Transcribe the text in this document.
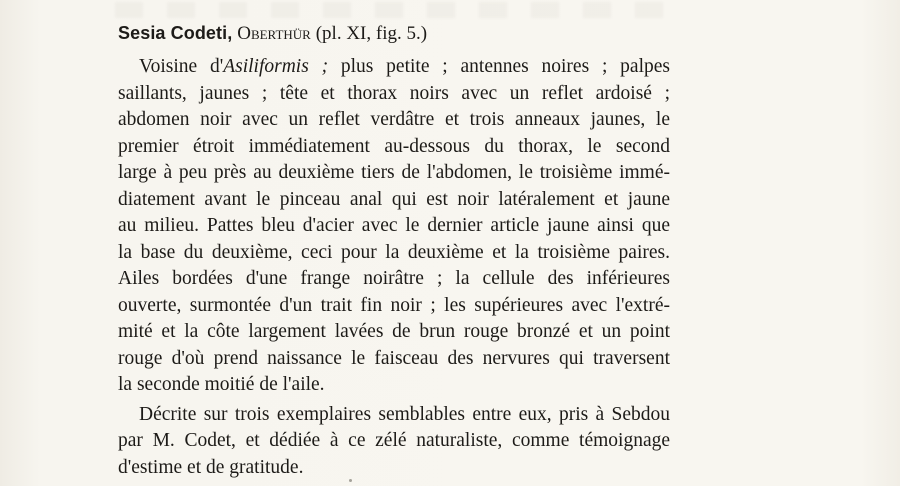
Sesia Codeti, Oberthür (pl. XI, fig. 5.)

Voisine d'Asiliformis ; plus petite ; antennes noires ; palpes
saillants, jaunes ; tête et thorax noirs avec un reflet ardoisé ;
abdomen noir avec un reflet verdâtre et trois anneaux jaunes, le
premier étroit immédiatement au-dessous du thorax, le second
large à peu près au deuxième tiers de l'abdomen, le troisième immé-
diatement avant le pinceau anal qui est noir latéralement et jaune
au milieu. Pattes bleu d'acier avec le dernier article jaune ainsi que
la base du deuxième, ceci pour la deuxième et la troisième paires.
Ailes bordées d'une frange noirâtre ; la cellule des inférieures
ouverte, surmontée d'un trait fin noir ; les supérieures avec l'extré-
mité et la côte largement lavées de brun rouge bronzé et un point
rouge d'où prend naissance le faisceau des nervures qui traversent
la seconde moitié de l'aile.
Décrite sur trois exemplaires semblables entre eux, pris à Sebdou
par M. Codet, et dédiée à ce zélé naturaliste, comme témoignage
d'estime et de gratitude.
